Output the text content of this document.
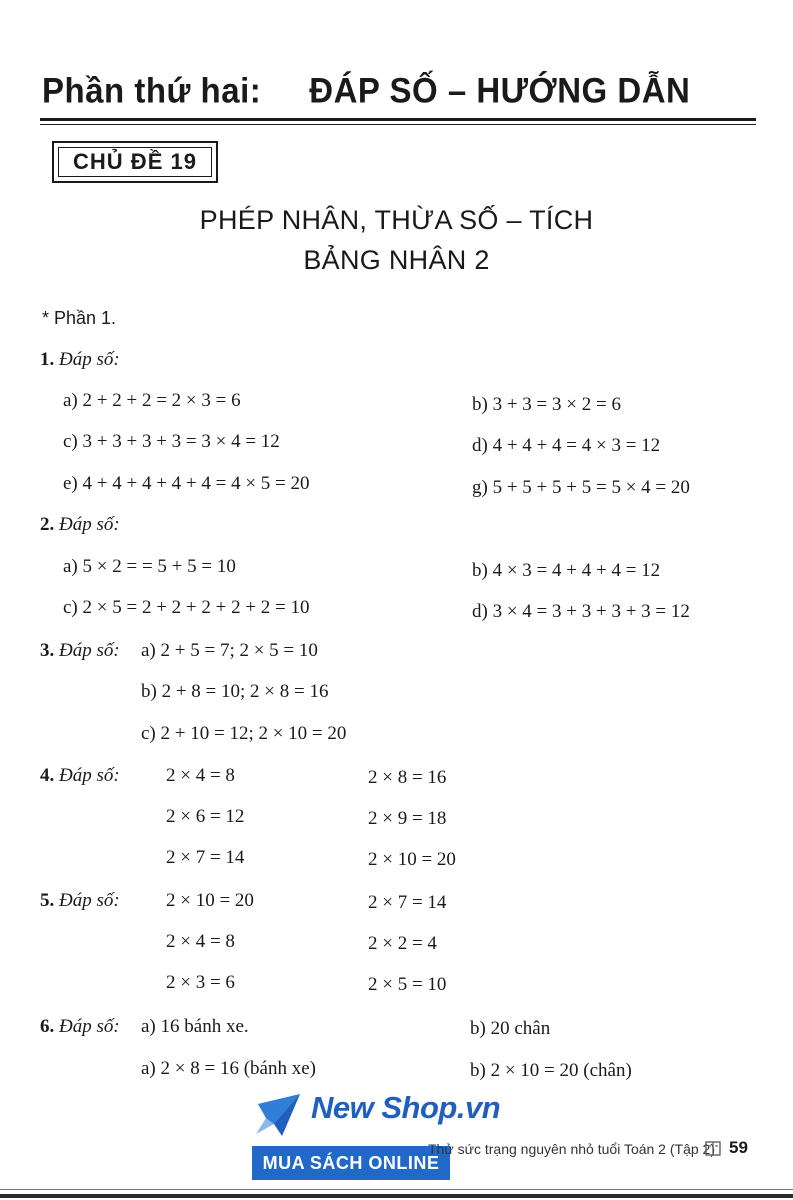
Phần thứ hai: ĐÁP SỐ – HƯỚNG DẪN
CHỦ ĐỀ 19
PHÉP NHÂN, THỪA SỐ – TÍCH
BẢNG NHÂN 2
* Phần 1.
1. Đáp số:
a) 2 + 2 + 2 = 2 × 3 = 6	b) 3 + 3 = 3 × 2 = 6
c) 3 + 3 + 3 + 3 = 3 × 4 = 12	d) 4 + 4 + 4 = 4 × 3 = 12
e) 4 + 4 + 4 + 4 + 4 = 4 × 5 = 20	g) 5 + 5 + 5 + 5 = 5 × 4 = 20
2. Đáp số:
a) 5 × 2 = = 5 + 5 = 10	b) 4 × 3 = 4 + 4 + 4 = 12
c) 2 × 5 = 2 + 2 + 2 + 2 + 2 = 10	d) 3 × 4 = 3 + 3 + 3 + 3 = 12
3. Đáp số: a) 2 + 5 = 7; 2 × 5 = 10
b) 2 + 8 = 10; 2 × 8 = 16
c) 2 + 10 = 12; 2 × 10 = 20
4. Đáp số: 2 × 4 = 8	2 × 8 = 16
2 × 6 = 12	2 × 9 = 18
2 × 7 = 14	2 × 10 = 20
5. Đáp số: 2 × 10 = 20	2 × 7 = 14
2 × 4 = 8	2 × 2 = 4
2 × 3 = 6	2 × 5 = 10
6. Đáp số: a) 16 bánh xe.	b) 20 chân
a) 2 × 8 = 16 (bánh xe)	b) 2 × 10 = 20 (chân)
New Shop.vn
MUA SÁCH ONLINE
Thử sức trạng nguyên nhỏ tuổi Toán 2 (Tập 2) 59
